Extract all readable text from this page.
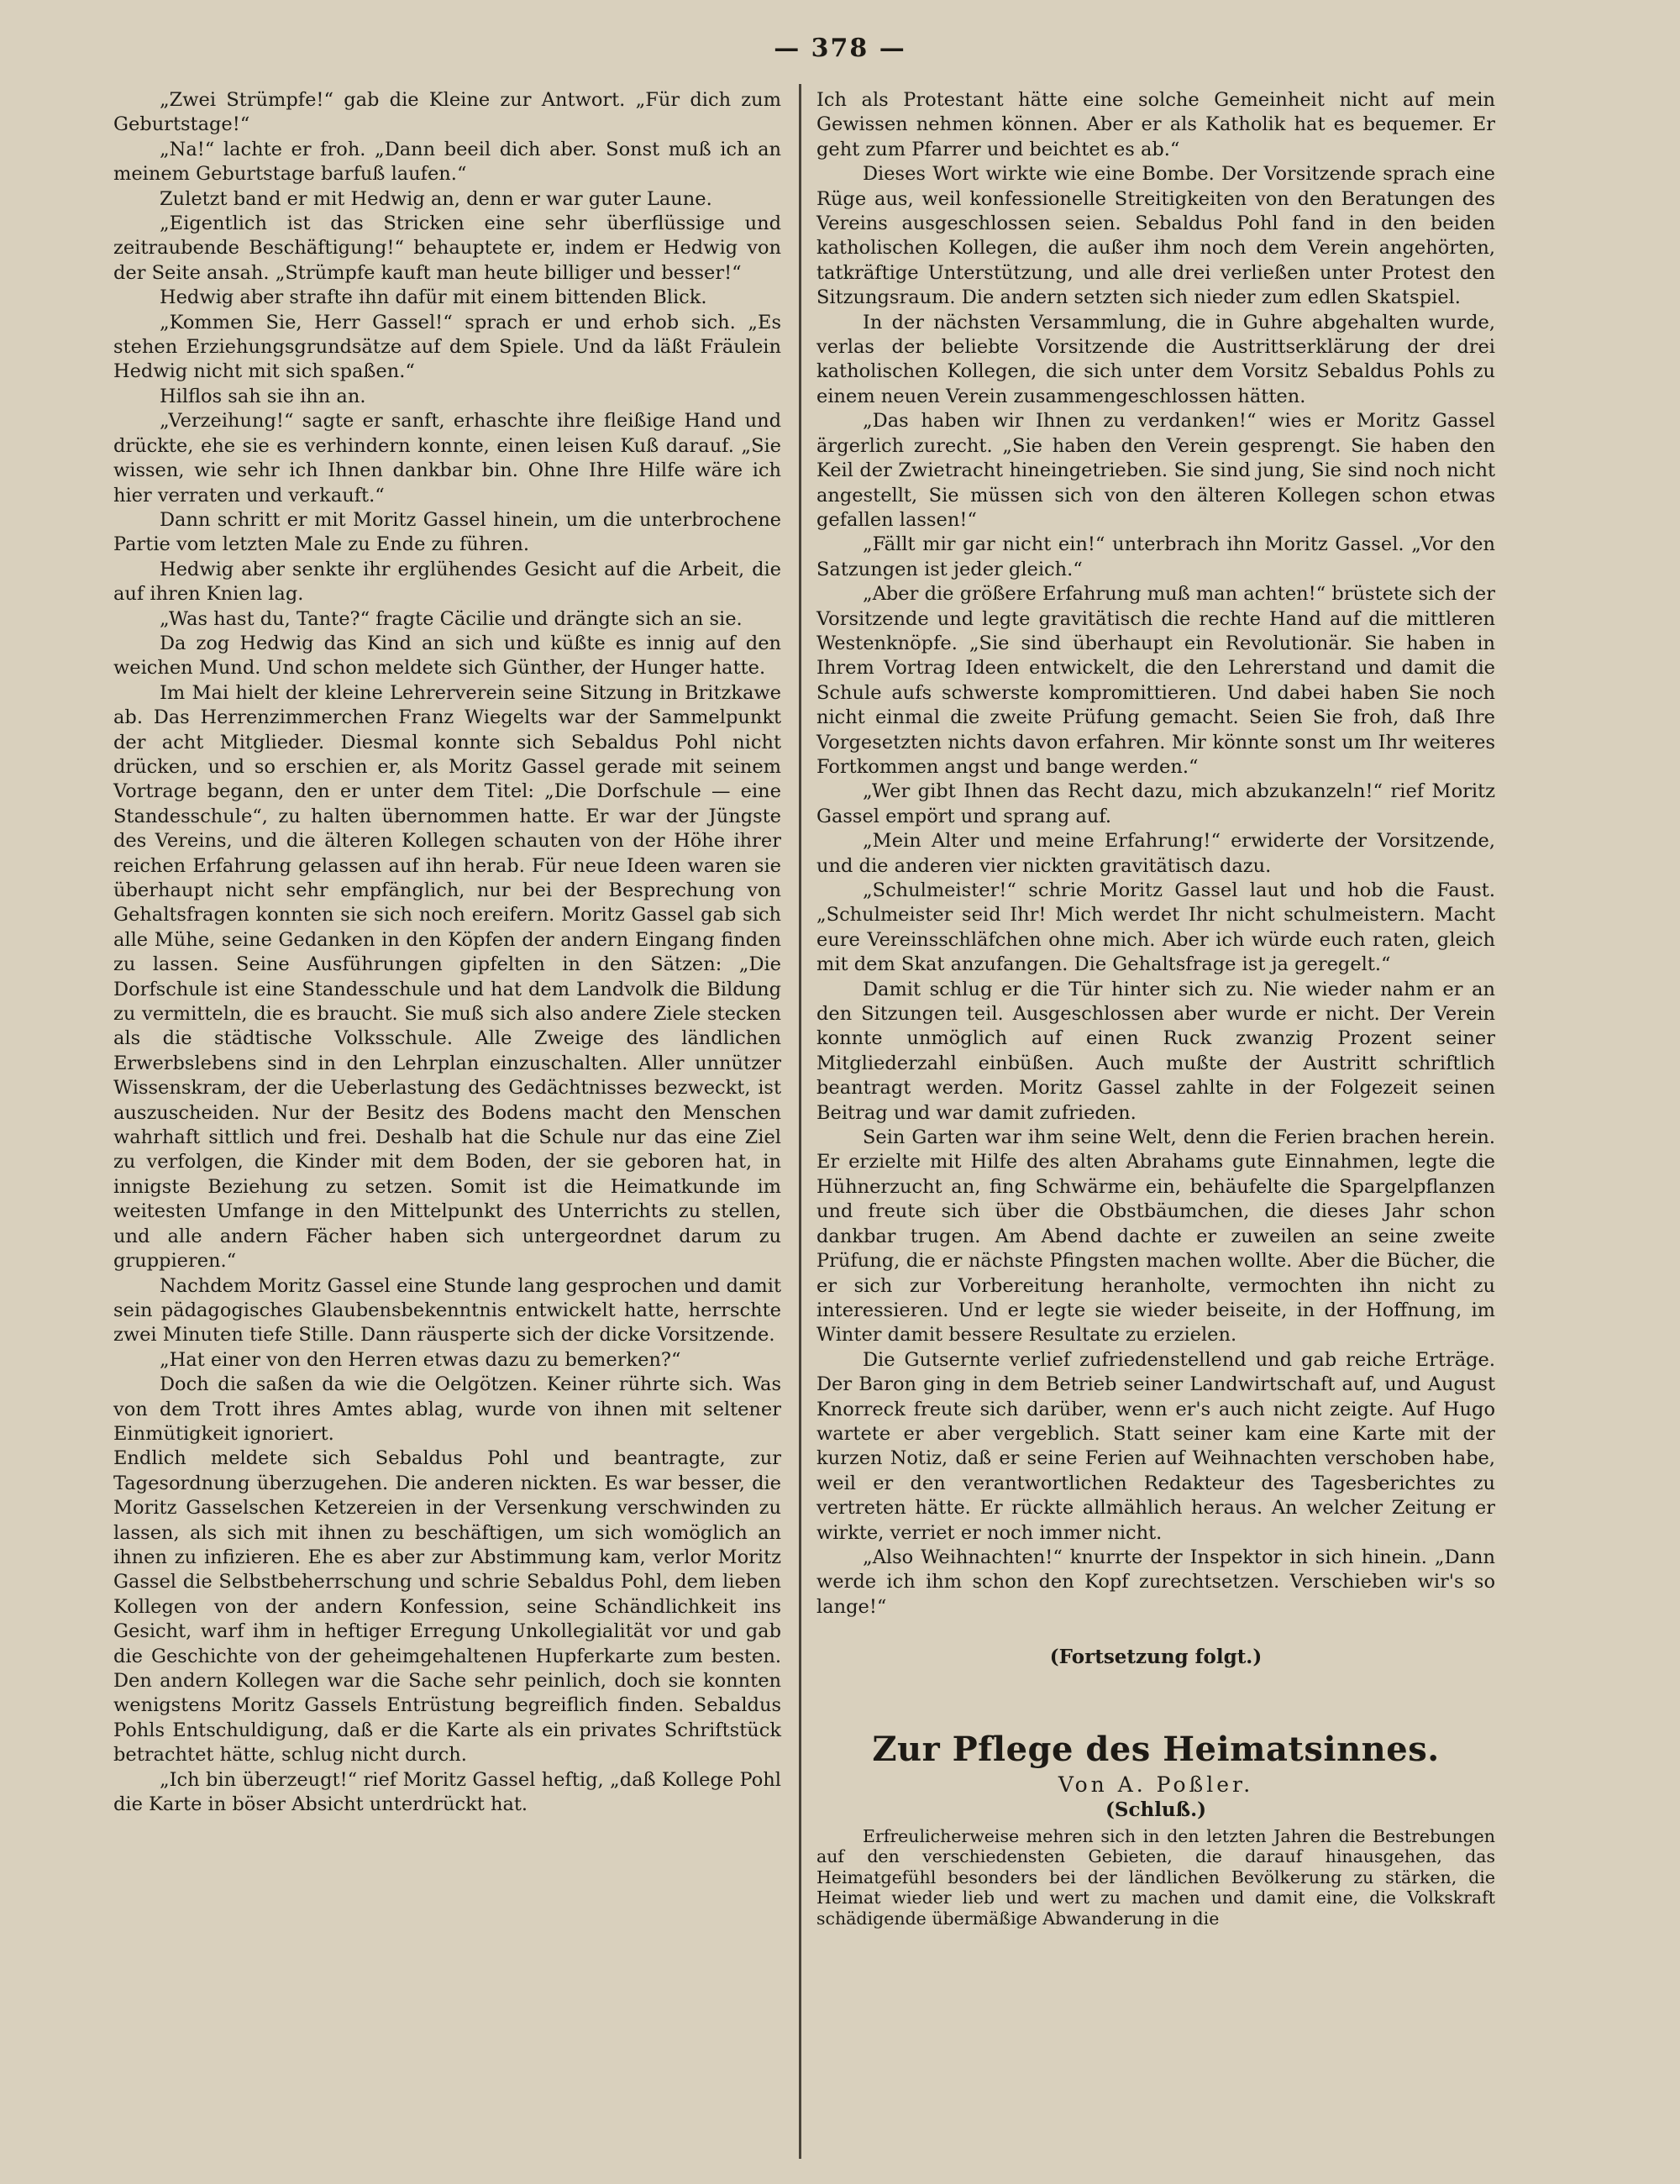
— 378 —

„Zwei Strümpfe!“ gab die Kleine zur Antwort. „Für dich zum Geburtstage!“

„Na!“ lachte er froh. „Dann beeil dich aber. Sonst muß ich an meinem Geburtstage barfuß laufen.“

Zuletzt band er mit Hedwig an, denn er war guter Laune.

„Eigentlich ist das Stricken eine sehr überflüssige und zeitraubende Beschäftigung!“ behauptete er, indem er Hedwig von der Seite ansah. „Strümpfe kauft man heute billiger und besser!“

Hedwig aber strafte ihn dafür mit einem bittenden Blick.

„Kommen Sie, Herr Gassel!“ sprach er und erhob sich. „Es stehen Erziehungsgrundsätze auf dem Spiele. Und da läßt Fräulein Hedwig nicht mit sich spaßen.“

Hilflos sah sie ihn an.

„Verzeihung!“ sagte er sanft, erhaschte ihre fleißige Hand und drückte, ehe sie es verhindern konnte, einen leisen Kuß darauf. „Sie wissen, wie sehr ich Ihnen dankbar bin. Ohne Ihre Hilfe wäre ich hier verraten und verkauft.“

Dann schritt er mit Moritz Gassel hinein, um die unterbrochene Partie vom letzten Male zu Ende zu führen.

Hedwig aber senkte ihr erglühendes Gesicht auf die Arbeit, die auf ihren Knien lag.

„Was hast du, Tante?“ fragte Cäcilie und drängte sich an sie.

Da zog Hedwig das Kind an sich und küßte es innig auf den weichen Mund. Und schon meldete sich Günther, der Hunger hatte.

Im Mai hielt der kleine Lehrerverein seine Sitzung in Britzkawe ab. Das Herrenzimmerchen Franz Wiegelts war der Sammelpunkt der acht Mitglieder. Diesmal konnte sich Sebaldus Pohl nicht drücken, und so erschien er, als Moritz Gassel gerade mit seinem Vortrage begann, den er unter dem Titel: „Die Dorfschule — eine Standesschule“, zu halten übernommen hatte. Er war der Jüngste des Vereins, und die älteren Kollegen schauten von der Höhe ihrer reichen Erfahrung gelassen auf ihn herab. Für neue Ideen waren sie überhaupt nicht sehr empfänglich, nur bei der Besprechung von Gehaltsfragen konnten sie sich noch ereifern. Moritz Gassel gab sich alle Mühe, seine Gedanken in den Köpfen der andern Eingang finden zu lassen. Seine Ausführungen gipfelten in den Sätzen: „Die Dorfschule ist eine Standesschule und hat dem Landvolk die Bildung zu vermitteln, die es braucht. Sie muß sich also andere Ziele stecken als die städtische Volksschule. Alle Zweige des ländlichen Erwerbslebens sind in den Lehrplan einzuschalten. Aller unnützer Wissenskram, der die Ueberlastung des Gedächtnisses bezweckt, ist auszuscheiden. Nur der Besitz des Bodens macht den Menschen wahrhaft sittlich und frei. Deshalb hat die Schule nur das eine Ziel zu verfolgen, die Kinder mit dem Boden, der sie geboren hat, in innigste Beziehung zu setzen. Somit ist die Heimatkunde im weitesten Umfange in den Mittelpunkt des Unterrichts zu stellen, und alle andern Fächer haben sich untergeordnet darum zu gruppieren.“

Nachdem Moritz Gassel eine Stunde lang gesprochen und damit sein pädagogisches Glaubensbekenntnis entwickelt hatte, herrschte zwei Minuten tiefe Stille. Dann räusperte sich der dicke Vorsitzende.

„Hat einer von den Herren etwas dazu zu bemerken?“

Doch die saßen da wie die Oelgötzen. Keiner rührte sich. Was von dem Trott ihres Amtes ablag, wurde von ihnen mit seltener Einmütigkeit ignoriert.

Endlich meldete sich Sebaldus Pohl und beantragte, zur Tagesordnung überzugehen. Die anderen nickten. Es war besser, die Moritz Gasselschen Ketzereien in der Versenkung verschwinden zu lassen, als sich mit ihnen zu beschäftigen, um sich womöglich an ihnen zu infizieren. Ehe es aber zur Abstimmung kam, verlor Moritz Gassel die Selbstbeherrschung und schrie Sebaldus Pohl, dem lieben Kollegen von der andern Konfession, seine Schändlichkeit ins Gesicht, warf ihm in heftiger Erregung Unkollegialität vor und gab die Geschichte von der geheimgehaltenen Hupferkarte zum besten. Den andern Kollegen war die Sache sehr peinlich, doch sie konnten wenigstens Moritz Gassels Entrüstung begreiflich finden. Sebaldus Pohls Entschuldigung, daß er die Karte als ein privates Schriftstück betrachtet hätte, schlug nicht durch.

„Ich bin überzeugt!“ rief Moritz Gassel heftig, „daß Kollege Pohl die Karte in böser Absicht unterdrückt hat.

Ich als Protestant hätte eine solche Gemeinheit nicht auf mein Gewissen nehmen können. Aber er als Katholik hat es bequemer. Er geht zum Pfarrer und beichtet es ab.“

Dieses Wort wirkte wie eine Bombe. Der Vorsitzende sprach eine Rüge aus, weil konfessionelle Streitigkeiten von den Beratungen des Vereins ausgeschlossen seien. Sebaldus Pohl fand in den beiden katholischen Kollegen, die außer ihm noch dem Verein angehörten, tatkräftige Unterstützung, und alle drei verließen unter Protest den Sitzungsraum. Die andern setzten sich nieder zum edlen Skatspiel.

In der nächsten Versammlung, die in Guhre abgehalten wurde, verlas der beliebte Vorsitzende die Austrittserklärung der drei katholischen Kollegen, die sich unter dem Vorsitz Sebaldus Pohls zu einem neuen Verein zusammengeschlossen hätten.

„Das haben wir Ihnen zu verdanken!“ wies er Moritz Gassel ärgerlich zurecht. „Sie haben den Verein gesprengt. Sie haben den Keil der Zwietracht hineingetrieben. Sie sind jung, Sie sind noch nicht angestellt, Sie müssen sich von den älteren Kollegen schon etwas gefallen lassen!“

„Fällt mir gar nicht ein!“ unterbrach ihn Moritz Gassel. „Vor den Satzungen ist jeder gleich.“

„Aber die größere Erfahrung muß man achten!“ brüstete sich der Vorsitzende und legte gravitätisch die rechte Hand auf die mittleren Westenknöpfe. „Sie sind überhaupt ein Revolutionär. Sie haben in Ihrem Vortrag Ideen entwickelt, die den Lehrerstand und damit die Schule aufs schwerste kompromittieren. Und dabei haben Sie noch nicht einmal die zweite Prüfung gemacht. Seien Sie froh, daß Ihre Vorgesetzten nichts davon erfahren. Mir könnte sonst um Ihr weiteres Fortkommen angst und bange werden.“

„Wer gibt Ihnen das Recht dazu, mich abzukanzeln!“ rief Moritz Gassel empört und sprang auf.

„Mein Alter und meine Erfahrung!“ erwiderte der Vorsitzende, und die anderen vier nickten gravitätisch dazu.

„Schulmeister!“ schrie Moritz Gassel laut und hob die Faust. „Schulmeister seid Ihr! Mich werdet Ihr nicht schulmeistern. Macht eure Vereinsschläfchen ohne mich. Aber ich würde euch raten, gleich mit dem Skat anzufangen. Die Gehaltsfrage ist ja geregelt.“

Damit schlug er die Tür hinter sich zu. Nie wieder nahm er an den Sitzungen teil. Ausgeschlossen aber wurde er nicht. Der Verein konnte unmöglich auf einen Ruck zwanzig Prozent seiner Mitgliederzahl einbüßen. Auch mußte der Austritt schriftlich beantragt werden. Moritz Gassel zahlte in der Folgezeit seinen Beitrag und war damit zufrieden.

Sein Garten war ihm seine Welt, denn die Ferien brachen herein. Er erzielte mit Hilfe des alten Abrahams gute Einnahmen, legte die Hühnerzucht an, fing Schwärme ein, behäufelte die Spargelpflanzen und freute sich über die Obstbäumchen, die dieses Jahr schon dankbar trugen. Am Abend dachte er zuweilen an seine zweite Prüfung, die er nächste Pfingsten machen wollte. Aber die Bücher, die er sich zur Vorbereitung heranholte, vermochten ihn nicht zu interessieren. Und er legte sie wieder beiseite, in der Hoffnung, im Winter damit bessere Resultate zu erzielen.

Die Gutsernte verlief zufriedenstellend und gab reiche Erträge. Der Baron ging in dem Betrieb seiner Landwirtschaft auf, und August Knorreck freute sich darüber, wenn er's auch nicht zeigte. Auf Hugo wartete er aber vergeblich. Statt seiner kam eine Karte mit der kurzen Notiz, daß er seine Ferien auf Weihnachten verschoben habe, weil er den verantwortlichen Redakteur des Tagesberichtes zu vertreten hätte. Er rückte allmählich heraus. An welcher Zeitung er wirkte, verriet er noch immer nicht.

„Also Weihnachten!“ knurrte der Inspektor in sich hinein. „Dann werde ich ihm schon den Kopf zurechtsetzen. Verschieben wir's so lange!“

(Fortsetzung folgt.)
Zur Pflege des Heimatsinnes.
Von A. Poßler.
(Schluß.)

Erfreulicherweise mehren sich in den letzten Jahren die Bestrebungen auf den verschiedensten Gebieten, die darauf hinausgehen, das Heimatgefühl besonders bei der ländlichen Bevölkerung zu stärken, die Heimat wieder lieb und wert zu machen und damit eine, die Volkskraft schädigende übermäßige Abwanderung in die
